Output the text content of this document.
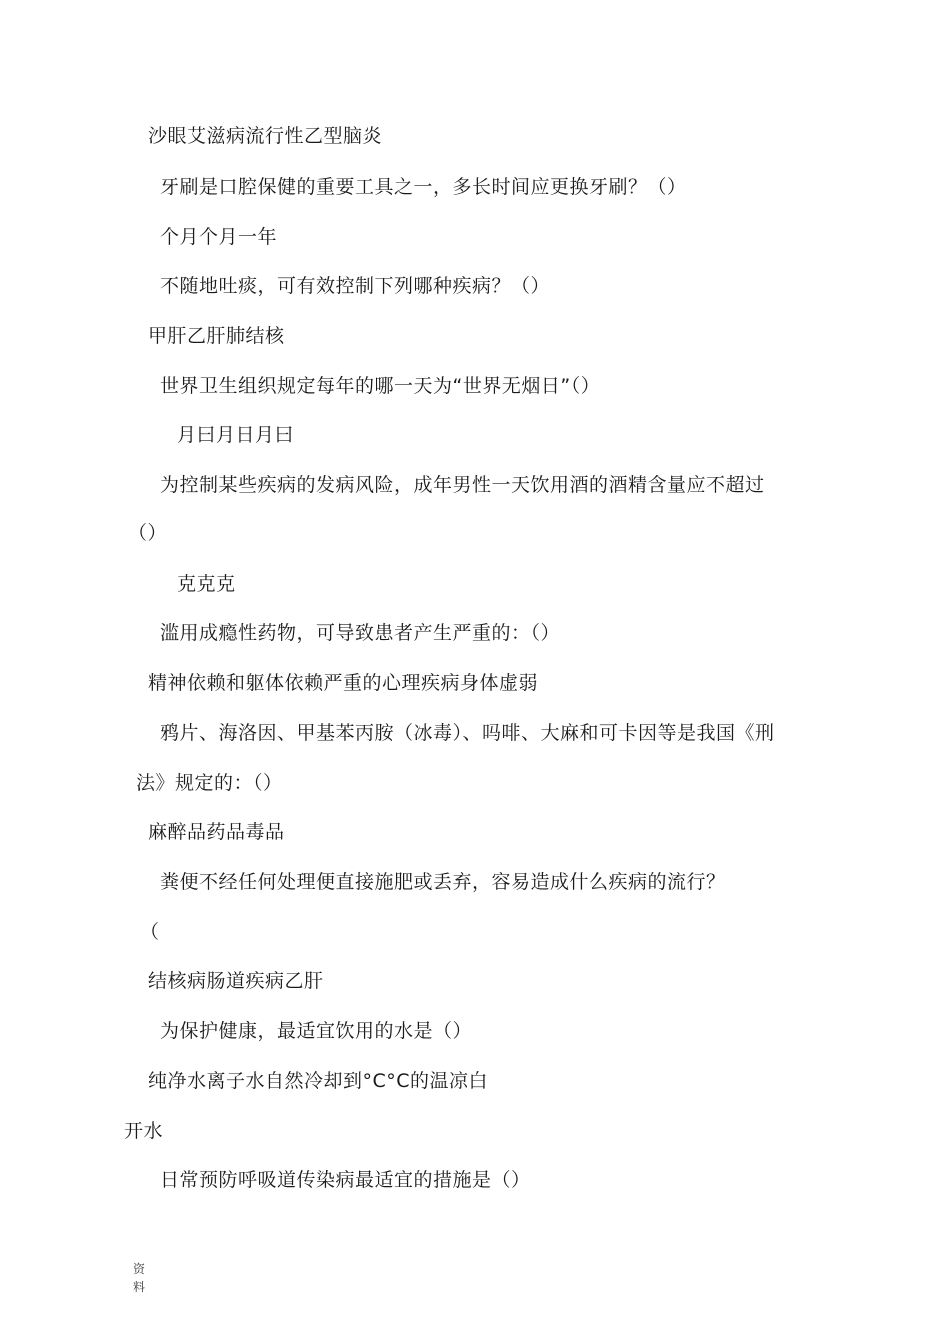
沙眼艾滋病流行性乙型脑炎
牙刷是口腔保健的重要工具之一，多长时间应更换牙刷？（）
个月个月一年
不随地吐痰，可有效控制下列哪种疾病？（）
甲肝乙肝肺结核
世界卫生组织规定每年的哪一天为“世界无烟日”（）
月曰月日月曰
为控制某些疾病的发病风险，成年男性一天饮用酒的酒精含量应不超过
（）
克克克
滥用成瘾性药物，可导致患者产生严重的：（）
精神依赖和躯体依赖严重的心理疾病身体虚弱
鸦片、海洛因、甲基苯丙胺（冰毒）、吗啡、大麻和可卡因等是我国《刑
法》规定的：（）
麻醉品药品毒品
粪便不经任何处理便直接施肥或丢弃，容易造成什么疾病的流行？
（
结核病肠道疾病乙肝
为保护健康，最适宜饮用的水是（）
纯净水离子水自然冷却到°C°C的温凉白
开水
日常预防呼吸道传染病最适宜的措施是（）
资料
